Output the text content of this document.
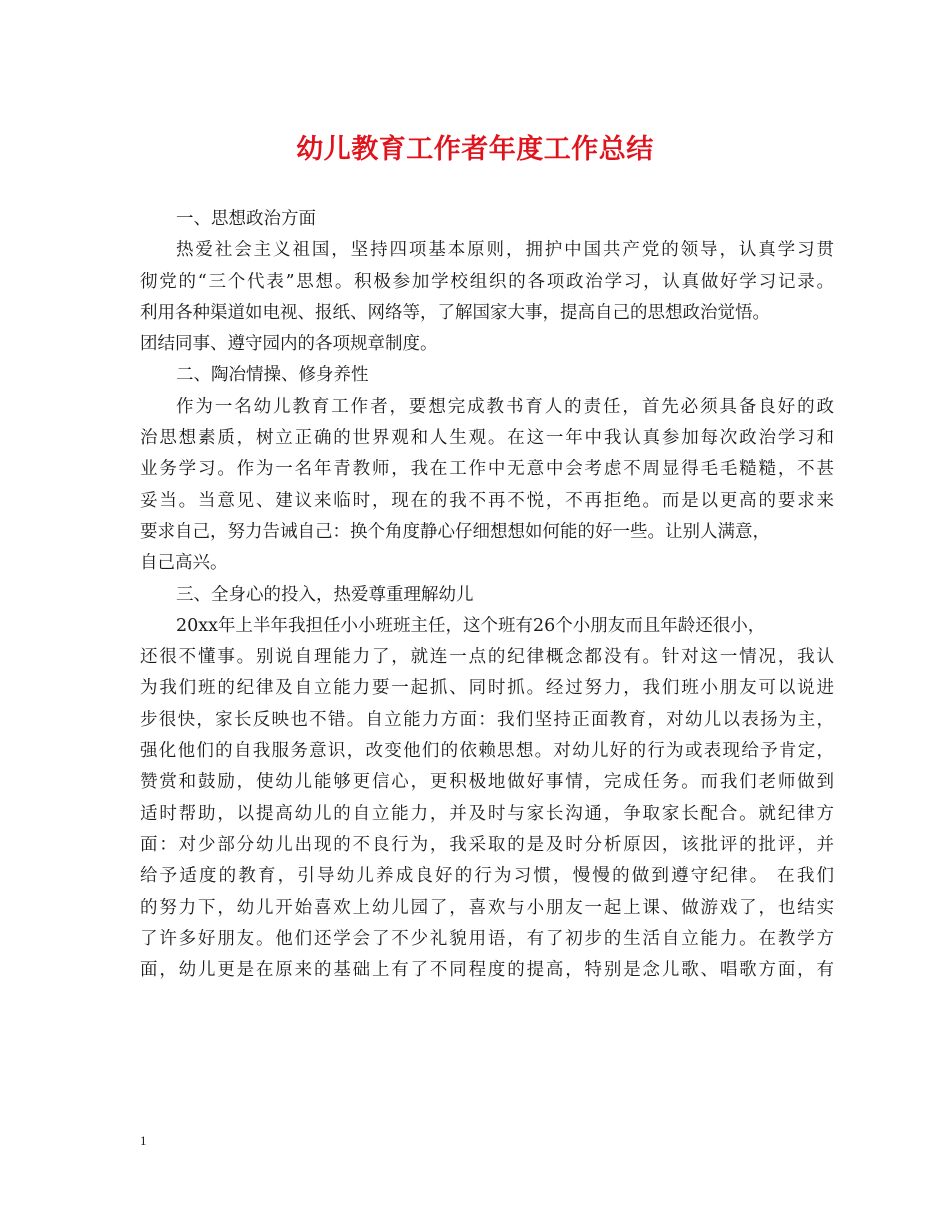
幼儿教育工作者年度工作总结
一、思想政治方面
热爱社会主义祖国，坚持四项基本原则，拥护中国共产党的领导，认真学习贯
彻党的“三个代表”思想。积极参加学校组织的各项政治学习，认真做好学习记录。
利用各种渠道如电视、报纸、网络等，了解国家大事，提高自己的思想政治觉悟。
团结同事、遵守园内的各项规章制度。
二、陶冶情操、修身养性
作为一名幼儿教育工作者，要想完成教书育人的责任，首先必须具备良好的政
治思想素质，树立正确的世界观和人生观。在这一年中我认真参加每次政治学习和
业务学习。作为一名年青教师，我在工作中无意中会考虑不周显得毛毛糙糙，不甚
妥当。当意见、建议来临时，现在的我不再不悦，不再拒绝。而是以更高的要求来
要求自己，努力告诫自己：换个角度静心仔细想想如何能的好一些。让别人满意，
自己高兴。
三、全身心的投入，热爱尊重理解幼儿
20xx年上半年我担任小小班班主任，这个班有26个小朋友而且年龄还很小，
还很不懂事。别说自理能力了，就连一点的纪律概念都没有。针对这一情况，我认
为我们班的纪律及自立能力要一起抓、同时抓。经过努力，我们班小朋友可以说进
步很快，家长反映也不错。自立能力方面：我们坚持正面教育，对幼儿以表扬为主，
强化他们的自我服务意识，改变他们的依赖思想。对幼儿好的行为或表现给予肯定，
赞赏和鼓励，使幼儿能够更信心，更积极地做好事情，完成任务。而我们老师做到
适时帮助，以提高幼儿的自立能力，并及时与家长沟通，争取家长配合。就纪律方
面：对少部分幼儿出现的不良行为，我采取的是及时分析原因，该批评的批评，并
给予适度的教育，引导幼儿养成良好的行为习惯，慢慢的做到遵守纪律。 在我们
的努力下，幼儿开始喜欢上幼儿园了，喜欢与小朋友一起上课、做游戏了，也结实
了许多好朋友。他们还学会了不少礼貌用语，有了初步的生活自立能力。在教学方
面，幼儿更是在原来的基础上有了不同程度的提高，特别是念儿歌、唱歌方面，有
1
